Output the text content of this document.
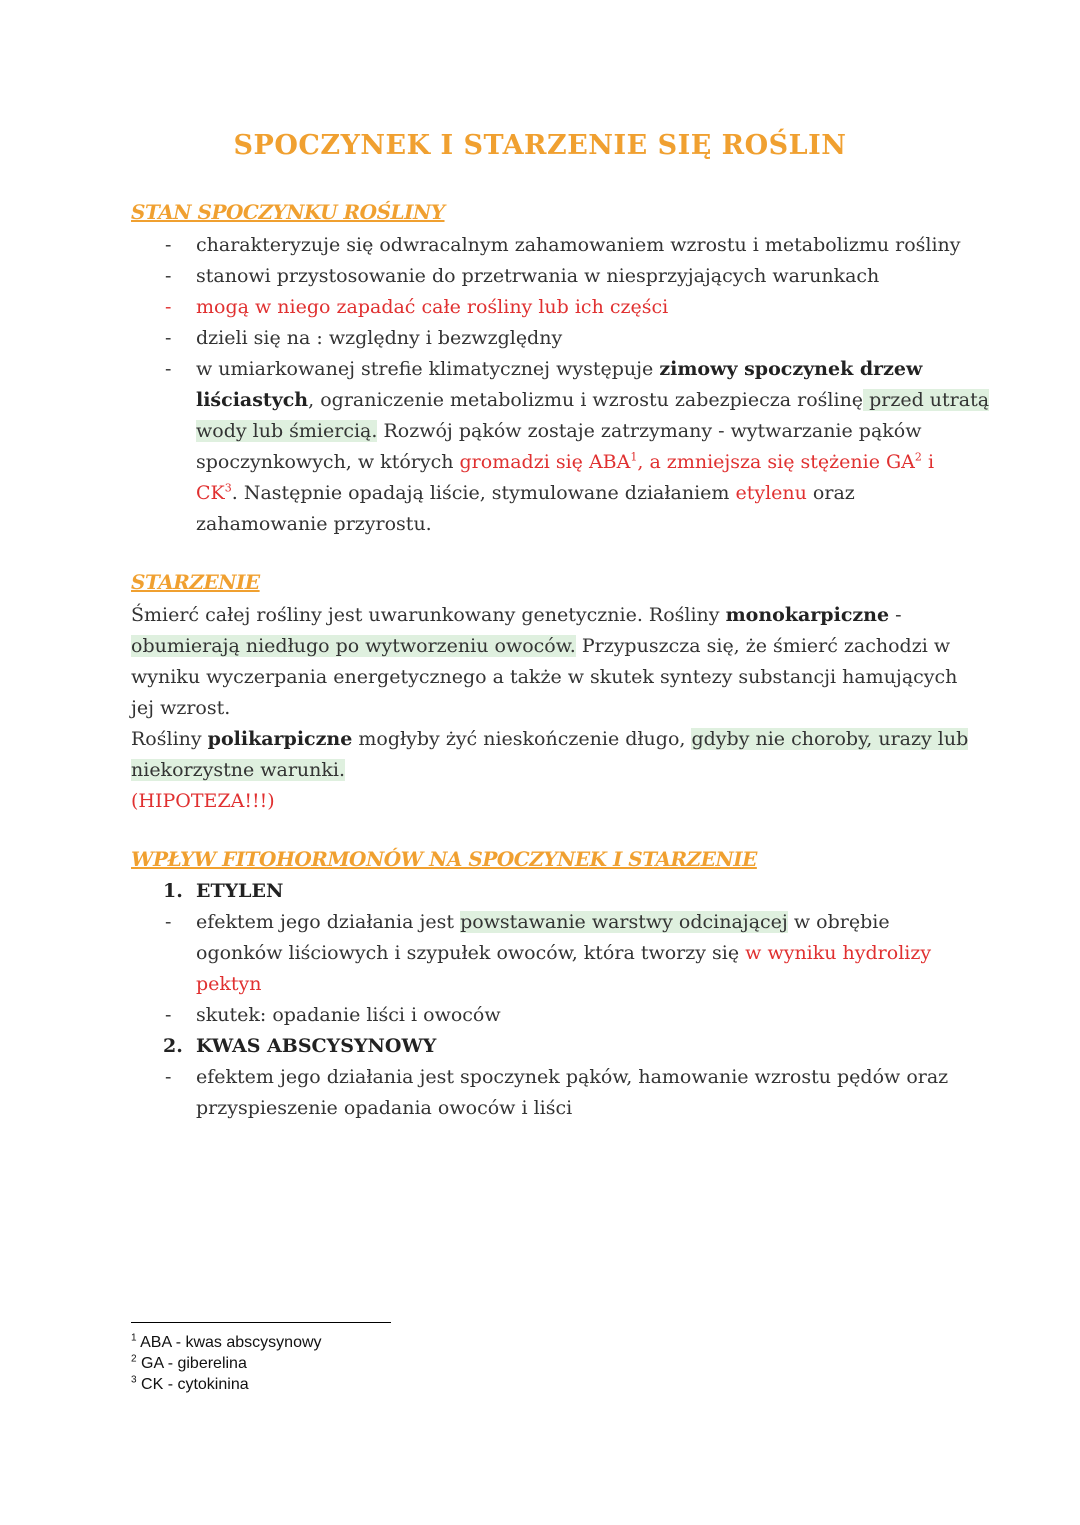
SPOCZYNEK I STARZENIE SIĘ ROŚLIN
STAN SPOCZYNKU ROŚLINY
- charakteryzuje się odwracalnym zahamowaniem wzrostu i metabolizmu rośliny

- stanowi przystosowanie do przetrwania w niesprzyjających warunkach

- mogą w niego zapadać całe rośliny lub ich części

- dzieli się na : względny i bezwzględny

- w umiarkowanej strefie klimatycznej występuje zimowy spoczynek drzew

liściastych, ograniczenie metabolizmu i wzrostu zabezpiecza roślinę przed utratą

wody lub śmiercią. Rozwój pąków zostaje zatrzymany - wytwarzanie pąków

spoczynkowych, w których gromadzi się ABA$^1$, a zmniejsza się stężenie $GA^2$ i

$CK^3$. Następnie opadają liście, stymulowane działaniem etylenu oraz

zahamowanie przyrostu.

STARZENIE

Śmierć całej rośliny jest uwarunkowany genetycznie. Rośliny monokarpiczne -

obumierają niedługo po wytworzeniu owoców. Przypuszcza się, że śmierć zachodzi w

wyniku wyczerpania energetycznego a także w skutek syntezy substancji hamujących

jej wzrost.

Rośliny polikarpiczne mogłyby żyć nieskończenie długo, gdyby nie choroby, urazy lub

niekorzystne warunki.

(HIPOTEZA!!!)

WPŁYW FITOHORMONÓW NA SPOCZYNEK I STARZENIE
1. ETYLEN

- efektem jego działania jest powstawanie warstwy odcinającej w obrębie

ogonków liściowych i szypułek owoców, która tworzy się w wyniku hydrolizy

pektyn

- skutek: opadanie liści i owoców

2. KWAS ABSCYSYNOWY

- efektem jego działania jest spoczynek pąków, hamowanie wzrostu pędów oraz

przyspieszenie opadania owoców i liści

$^1$ ABA - kwas abscysynowy
$^2$ GA - giberelina
$^3$ CK - cytokinina
